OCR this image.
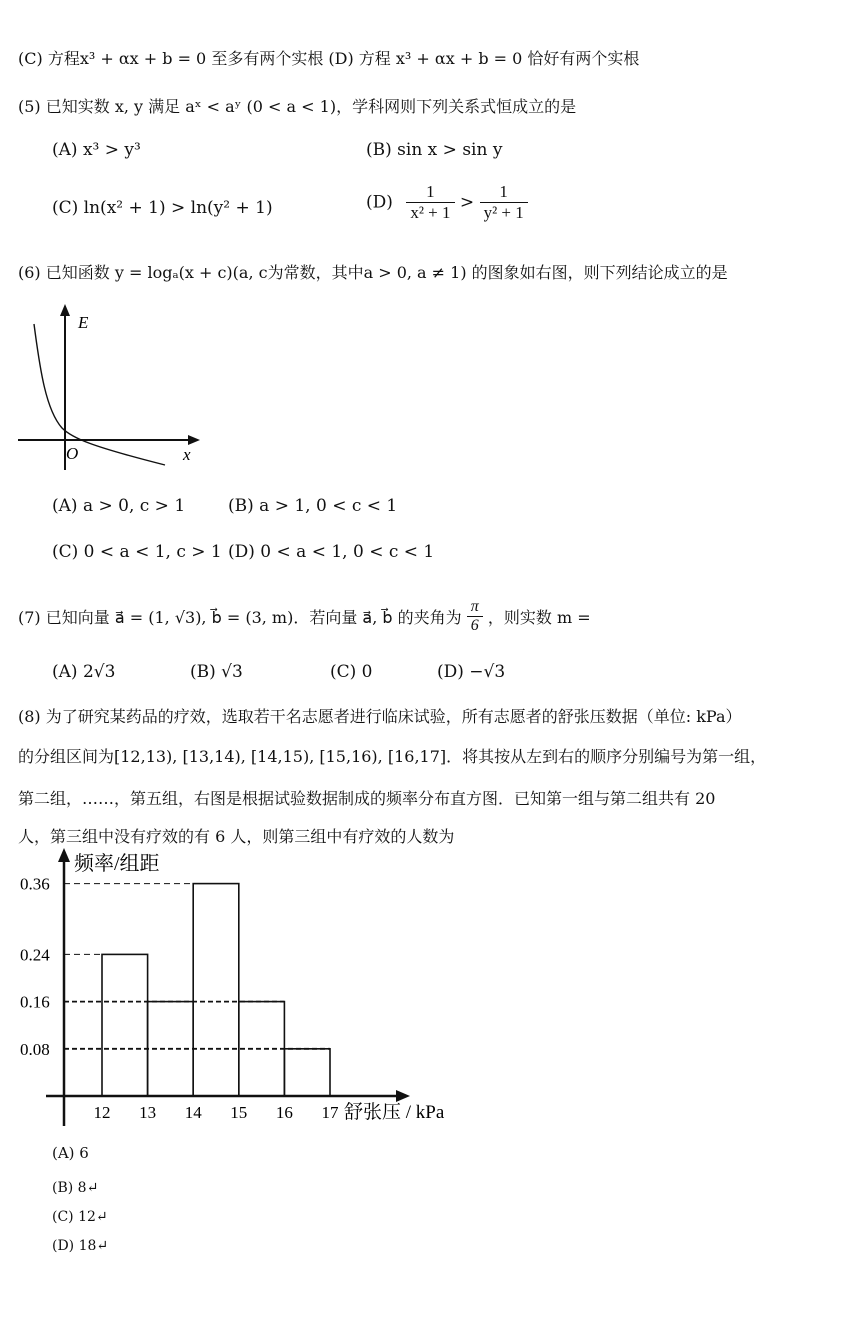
(C) 方程x³ + αx + b = 0 至多有两个实根 (D) 方程 x³ + αx + b = 0 恰好有两个实根
(5) 已知实数 x, y 满足 aˣ < aʸ (0 < a < 1)，学科网则下列关系式恒成立的是
(A) x³ > y³	(B) sin x > sin y
(C) ln(x² + 1) > ln(y² + 1)	$(D) \frac{1}{\text{x² + 1}} > \frac{1}{\text{y² + 1}}$
(6) 已知函数 y = logₐ(x + c)(a, c为常数，其中a > 0, a ≠ 1) 的图象如右图，则下列结论成立的是
E
O	x
(A) a > 0, c > 1	(B) a > 1, 0 < c < 1
(C) 0 < a < 1, c > 1 (D) 0 < a < 1, 0 < c < 1
(7) 已知向量 a⃗ = (1, √3), b⃗ = (3, m)．若向量 a⃗, b⃗ 的夹角为 $\frac{\pi}{6}$ ，则实数 m =
(A) 2√3	(B) √3	(C) 0	(D) −√3
(8) 为了研究某药品的疗效，选取若干名志愿者进行临床试验，所有志愿者的舒张压数据（单位: kPa）
的分组区间为[12,13), [13,14), [14,15), [15,16), [16,17]．将其按从左到右的顺序分别编号为第一组，
第二组，……，第五组，右图是根据试验数据制成的频率分布直方图．已知第一组与第二组共有 20
人，第三组中没有疗效的有 6 人，则第三组中有疗效的人数为
频率/组距
舒张压 / kPa
0.08
0.16
0.24
0.36
12 13 14 15 16 17
(A) 6
(B) 8↵
(C) 12↵
(D) 18↵
